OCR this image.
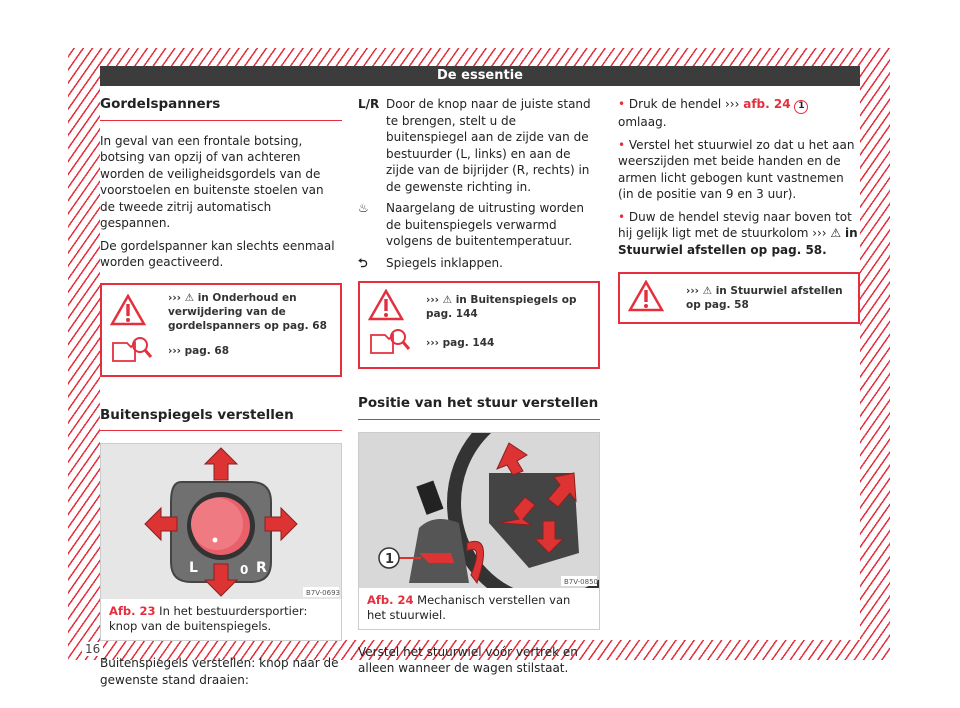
De essentie
16
Gordelspanners

In geval van een frontale botsing, botsing van opzij of van achteren worden de veiligheidsgordels van de voorstoelen en buitenste stoelen van de tweede zitrij automatisch gespannen.

De gordelspanner kan slechts eenmaal worden geactiveerd.

››› ⚠ in Onderhoud en verwijdering van de gordelspanners op pag. 68
››› pag. 68
Buitenspiegels verstellen
L	0 R
B7V-0693
Afb. 23 In het bestuurdersportier: knop van de buitenspiegels.

Buitenspiegels verstellen: knop naar de gewenste stand draaien:

L/R Door de knop naar de juiste stand te brengen, stelt u de buitenspiegel aan de zijde van de bestuurder (L, links) en aan de zijde van de bijrijder (R, rechts) in de gewenste richting in.
♨	Naargelang de uitrusting worden de buitenspiegels verwarmd volgens de buitentemperatuur.
⮌	Spiegels inklappen.
››› ⚠ in Buitenspiegels op pag. 144
››› pag. 144
Positie van het stuur verstellen
1
B7V-0850
Afb. 24 Mechanisch verstellen van het stuurwiel.

Verstel het stuurwiel vóór vertrek en alleen wanneer de wagen stilstaat.

• Druk de hendel ››› afb. 24 1 omlaag.

• Verstel het stuurwiel zo dat u het aan weerszijden met beide handen en de armen licht gebogen kunt vastnemen (in de positie van 9 en 3 uur).

• Duw de hendel stevig naar boven tot hij gelijk ligt met de stuurkolom ››› ⚠ in Stuurwiel afstellen op pag. 58.

››› ⚠ in Stuurwiel afstellen op pag. 58
